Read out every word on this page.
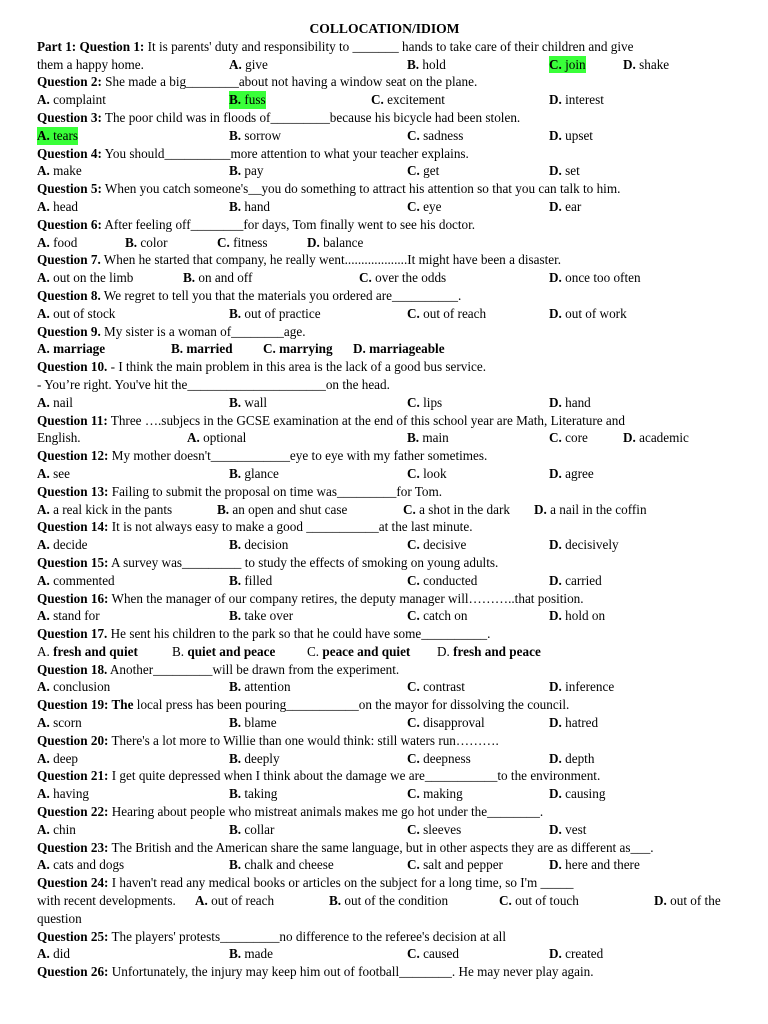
COLLOCATION/IDIOM
Part 1: Question 1: It is parents' duty and responsibility to _______ hands to take care of their children and give
them a happy home.	A. give	B. hold	C. join	D. shake
Question 2: She made a big________about not having a window seat on the plane.
A. complaint	B. fuss	C. excitement	D. interest
Question 3: The poor child was in floods of_________because his bicycle had been stolen.
A. tears	B. sorrow	C. sadness	D. upset
Question 4: You should__________more attention to what your teacher explains.
A. make	B. pay	C. get	D. set
Question 5: When you catch someone's__you do something to attract his attention so that you can talk to him.
A. head	B. hand	C. eye	D. ear
Question 6: After feeling off________for days, Tom finally went to see his doctor.
A. food	B. color	C. fitness	D. balance
Question 7. When he started that company, he really went...................It might have been a disaster.
A. out on the limb	B. on and off	C. over the odds	D. once too often
Question 8. We regret to tell you that the materials you ordered are__________.
A. out of stock	B. out of practice	C. out of reach	D. out of work
Question 9. My sister is a woman of________age.
A. marriage	B. married C. marrying D. marriageable
Question 10. - I think the main problem in this area is the lack of a good bus service.
- You’re right. You've hit the_____________________on the head.
A. nail	B. wall	C. lips	D. hand
Question 11: Three ….subjecs in the GCSE examination at the end of this school year are Math, Literature and
English.	A. optional	B. main	C. core	D. academic
Question 12: My mother doesn't____________eye to eye with my father sometimes.
A. see	B. glance	C. look	D. agree
Question 13: Failing to submit the proposal on time was_________for Tom.
A. a real kick in the pants	B. an open and shut case	C. a shot in the dark D. a nail in the coffin
Question 14: It is not always easy to make a good ___________at the last minute.
A. decide	B. decision	C. decisive	D. decisively
Question 15: A survey was_________ to study the effects of smoking on young adults.
A. commented	B. filled	C. conducted	D. carried
Question 16: When the manager of our company retires, the deputy manager will………..that position.
A. stand for	B. take over	C. catch on	D. hold on
Question 17. He sent his children to the park so that he could have some__________.
A. fresh and quiet	B. quiet and peace C. peace and quiet D. fresh and peace
Question 18. Another_________will be drawn from the experiment.
A. conclusion	B. attention	C. contrast	D. inference
Question 19: The local press has been pouring___________on the mayor for dissolving the council.
A. scorn	B. blame	C. disapproval	D. hatred
Question 20: There's a lot more to Willie than one would think: still waters run……….
A. deep	B. deeply	C. deepness	D. depth
Question 21: I get quite depressed when I think about the damage we are___________to the environment.
A. having	B. taking	C. making	D. causing
Question 22: Hearing about people who mistreat animals makes me go hot under the________.
A. chin	B. collar	C. sleeves	D. vest
Question 23: The British and the American share the same language, but in other aspects they are as different as___.
A. cats and dogs	B. chalk and cheese	C. salt and pepper	D. here and there
Question 24: I haven't read any medical books or articles on the subject for a long time, so I'm _____
with recent developments. A. out of reach	B. out of the condition	C. out of touch	D. out of the
question
Question 25: The players' protests_________no difference to the referee's decision at all
A. did	B. made	C. caused	D. created
Question 26: Unfortunately, the injury may keep him out of football________. He may never play again.
